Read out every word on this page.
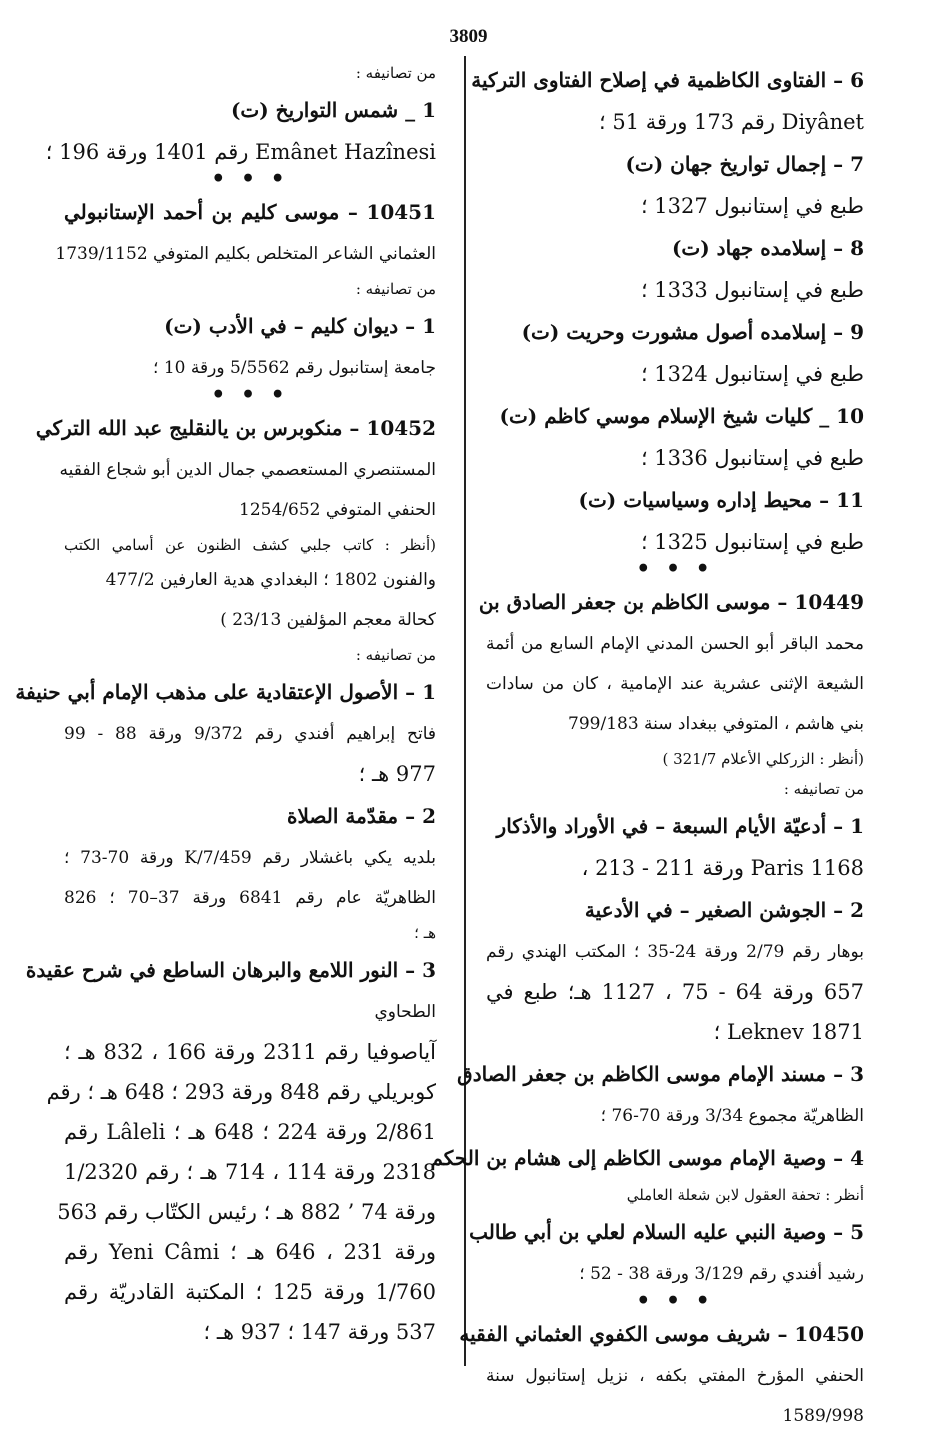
3809
6 – الفتاوى الكاظمية في إصلاح الفتاوى التركية
Diyânet رقم 173 ورقة 51 ؛
7 – إجمال تواريخ جهان (ت)
طبع في إستانبول 1327 ؛
8 – إسلامده جهاد (ت)
طبع في إستانبول 1333 ؛
9 – إسلامده أصول مشورت وحريت (ت)
طبع في إستانبول 1324 ؛
10 _ كليات شيخ الإسلام موسي كاظم (ت)
طبع في إستانبول 1336 ؛
11 – محيط إداره وسياسيات (ت)
طبع في إستانبول 1325 ؛
• • •
10449 – موسى الكاظم بن جعفر الصادق بن
محمد الباقر أبو الحسن المدني الإمام السابع من أئمة
الشيعة الإثنى عشرية عند الإمامية ، كان من سادات
بني هاشم ، المتوفي ببغداد سنة 799/183
(أنظر : الزركلي الأعلام 321/7 )
من تصانيفه :
1 – أدعيّة الأيام السبعة – في الأوراد والأذكار
Paris 1168 ورقة 211 - 213 ،
2 – الجوشن الصغير – في الأدعية
بوهار رقم 2/79 ورقة 24-35 ؛ المكتب الهندي رقم
657 ورقة 64 - 75 ، 1127 هـ؛ طبع في
Leknev 1871 ؛
3 – مسند الإمام موسى الكاظم بن جعفر الصادق
الظاهريّة مجموع 3/34 ورقة 70-76 ؛
4 – وصية الإمام موسى الكاظم إلى هشام بن الحكم
أنظر : تحفة العقول لابن شعلة العاملي
5 – وصية النبي عليه السلام لعلي بن أبي طالب
رشيد أفندي رقم 3/129 ورقة 38 - 52 ؛
• • •
10450 – شريف موسى الكفوي العثماني الفقيه
الحنفي المؤرخ المفتي بكفه ، نزيل إستانبول سنة
1589/998
من تصانيفه :
1 _ شمس التواريخ (ت)
Emânet Hazînesi رقم 1401 ورقة 196 ؛
• • •
10451 – موسى كليم بن أحمد الإستانبولي
العثماني الشاعر المتخلص بكليم المتوفي 1739/1152
من تصانيفه :
1 – ديوان كليم – في الأدب (ت)
جامعة إستانبول رقم 5/5562 ورقة 10 ؛
• • •
10452 – منكوبرس بن يالنقليج عبد الله التركي
المستنصري المستعصمي جمال الدين أبو شجاع الفقيه
الحنفي المتوفي 1254/652
(أنظر : كاتب جلبي كشف الظنون عن أسامي الكتب
والفنون 1802 ؛ البغدادي هدية العارفين 477/2
كحالة معجم المؤلفين 23/13 )
من تصانيفه :
1 – الأصول الإعتقادية على مذهب الإمام أبي حنيفة
فاتح إبراهيم أفندي رقم 9/372 ورقة 88 - 99
977 هـ ؛
2 – مقدّمة الصلاة
بلديه يكي باغشلار رقم 7/459/K ورقة 70-73 ؛
الظاهريّة عام رقم 6841 ورقة 37–70 ؛ 826
هـ ؛
3 – النور اللامع والبرهان الساطع في شرح عقيدة
الطحاوي
آياصوفيا رقم 2311 ورقة 166 ، 832 هـ ؛
كوبريلي رقم 848 ورقة 293 ؛ 648 هـ ؛ رقم
2/861 ورقة 224 ؛ 648 هـ ؛ Lâleli رقم
2318 ورقة 114 ، 714 هـ ؛ رقم 1/2320
ورقة 74 ’ 882 هـ ؛ رئيس الكتّاب رقم 563
ورقة 231 ، 646 هـ ؛ Yeni Câmi رقم
1/760 ورقة 125 ؛ المكتبة القادريّة رقم
537 ورقة 147 ؛ 937 هـ ؛
